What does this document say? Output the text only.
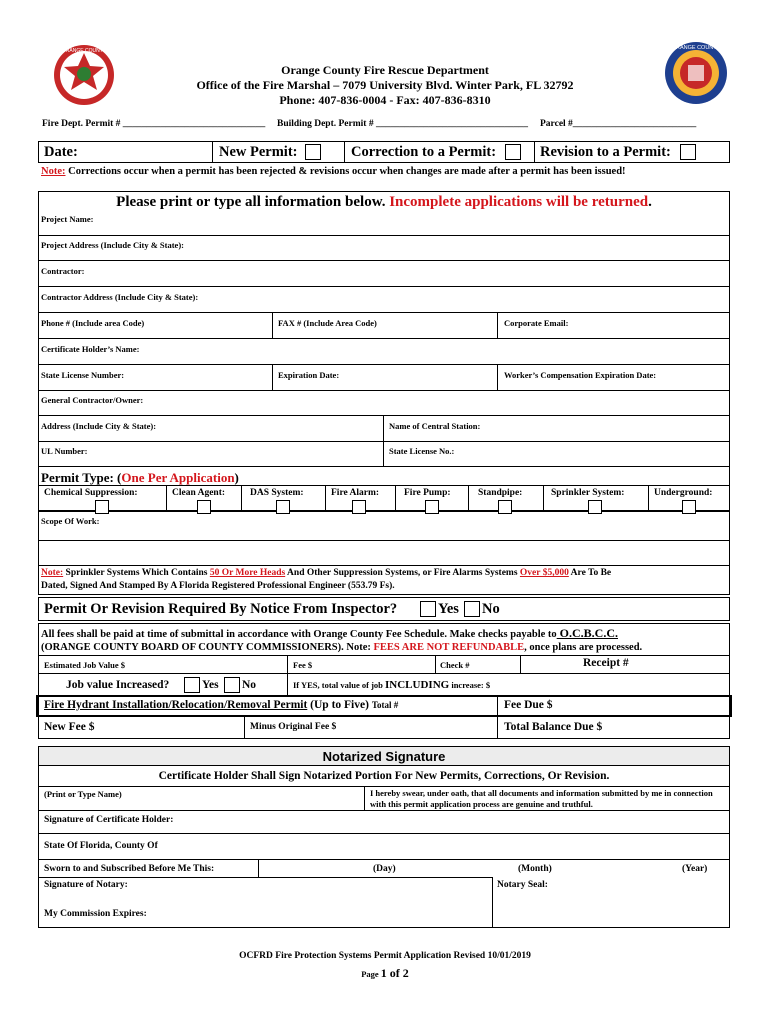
ORANGE COUNTY	ORANGE COUNTY
Orange County Fire Rescue Department
Office of the Fire Marshal – 7079 University Blvd. Winter Park, FL 32792
Phone: 407-836-0004 - Fax: 407-836-8310
Fire Dept. Permit # ______________________________ Building Dept. Permit # ________________________________ Parcel #__________________________
Date:	New Permit:	Correction to a Permit:	Revision to a Permit:
Note: Corrections occur when a permit has been rejected & revisions occur when changes are made after a permit has been issued!
Please print or type all information below. Incomplete applications will be returned.
Project Name:
Project Address (Include City & State):
Contractor:
Contractor Address (Include City & State):
Phone # (Include area Code)	FAX # (Include Area Code)	Corporate Email:
Certificate Holder’s Name:
State License Number:	Expiration Date:	Worker’s Compensation Expiration Date:
General Contractor/Owner:
Address (Include City & State):	Name of Central Station:
UL Number:	State License No.:
Permit Type: (One Per Application)
Chemical Suppression:	Clean Agent:	DAS System:	Fire Alarm:	Fire Pump:	Standpipe:	Sprinkler System:	Underground:
Scope Of Work:
Note: Sprinkler Systems Which Contains 50 Or More Heads And Other Suppression Systems, or Fire Alarms Systems Over $5,000 Are To Be
Dated, Signed And Stamped By A Florida Registered Professional Engineer (553.79 Fs).
Permit Or Revision Required By Notice From Inspector?	Yes No
All fees shall be paid at time of submittal in accordance with Orange County Fee Schedule. Make checks payable to O.C.B.C.C.
(ORANGE COUNTY BOARD OF COUNTY COMMISSIONERS). Note: FEES ARE NOT REFUNDABLE, once plans are processed.
Estimated Job Value $	Fee $	Check #	Receipt #
Job value Increased?	Yes No	If YES, total value of job INCLUDING increase: $
Fire Hydrant Installation/Relocation/Removal Permit (Up to Five) Total #	Fee Due $
New Fee $	Minus Original Fee $	Total Balance Due $
Notarized Signature
Certificate Holder Shall Sign Notarized Portion For New Permits, Corrections, Or Revision.
(Print or Type Name)	I hereby swear, under oath, that all documents and information submitted by me in connection with this permit application process are genuine and truthful.
Signature of Certificate Holder:
State Of Florida, County Of
Sworn to and Subscribed Before Me This:	(Day)	(Month)	(Year)
Signature of Notary:	Notary Seal:
My Commission Expires:
OCFRD Fire Protection Systems Permit Application Revised 10/01/2019
Page 1 of 2
